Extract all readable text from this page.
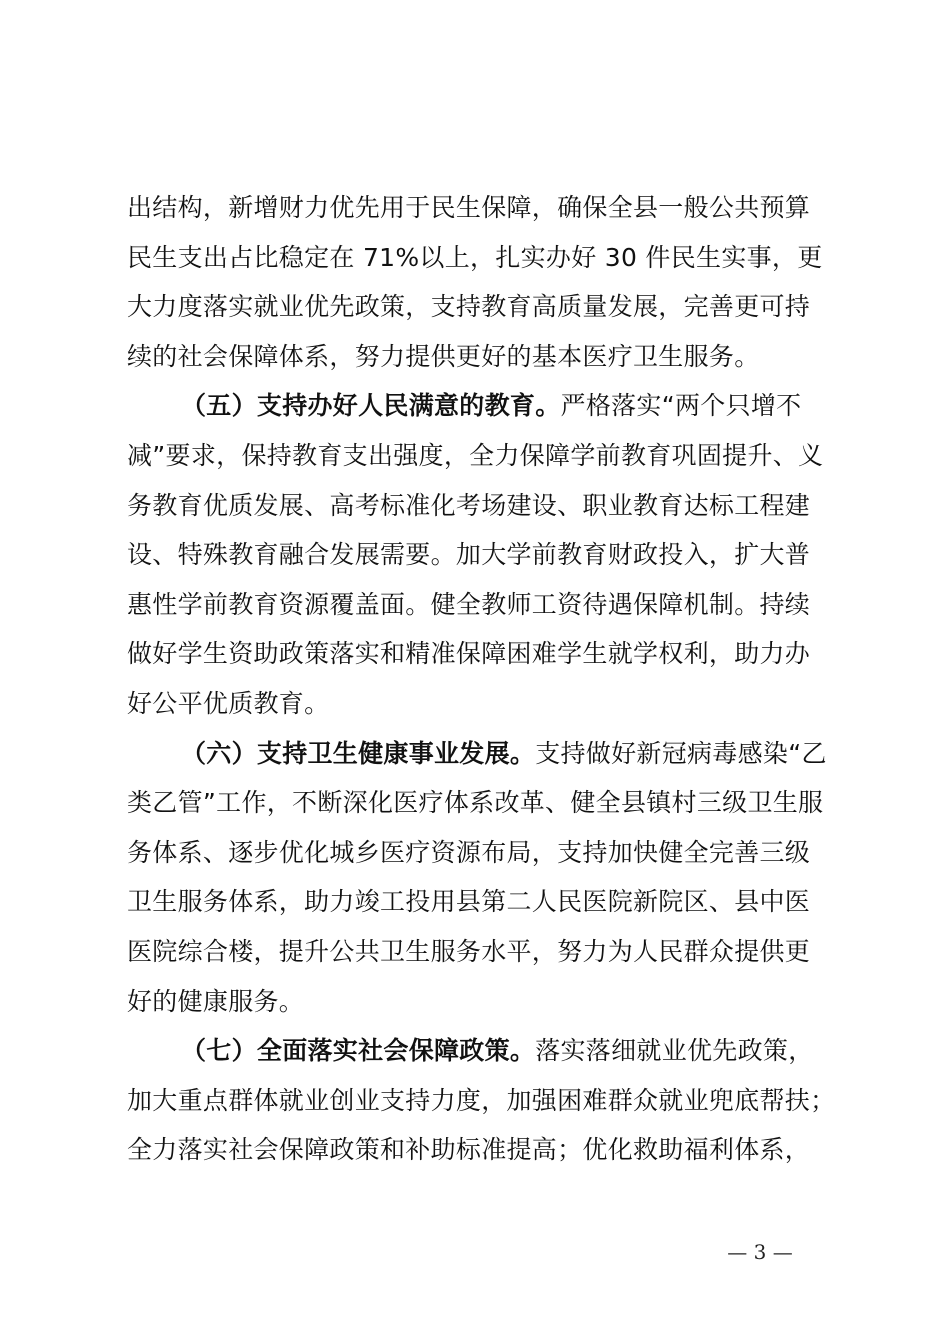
出结构，新增财力优先用于民生保障，确保全县一般公共预算
民生支出占比稳定在 71%以上，扎实办好 30 件民生实事，更
大力度落实就业优先政策，支持教育高质量发展，完善更可持
续的社会保障体系，努力提供更好的基本医疗卫生服务。
（五）支持办好人民满意的教育。严格落实“两个只增不
减”要求，保持教育支出强度，全力保障学前教育巩固提升、义
务教育优质发展、高考标准化考场建设、职业教育达标工程建
设、特殊教育融合发展需要。加大学前教育财政投入，扩大普
惠性学前教育资源覆盖面。健全教师工资待遇保障机制。持续
做好学生资助政策落实和精准保障困难学生就学权利，助力办
好公平优质教育。
（六）支持卫生健康事业发展。支持做好新冠病毒感染“乙
类乙管”工作，不断深化医疗体系改革、健全县镇村三级卫生服
务体系、逐步优化城乡医疗资源布局，支持加快健全完善三级
卫生服务体系，助力竣工投用县第二人民医院新院区、县中医
医院综合楼，提升公共卫生服务水平，努力为人民群众提供更
好的健康服务。
（七）全面落实社会保障政策。落实落细就业优先政策，
加大重点群体就业创业支持力度，加强困难群众就业兜底帮扶；
全力落实社会保障政策和补助标准提高；优化救助福利体系，
— 3 —
